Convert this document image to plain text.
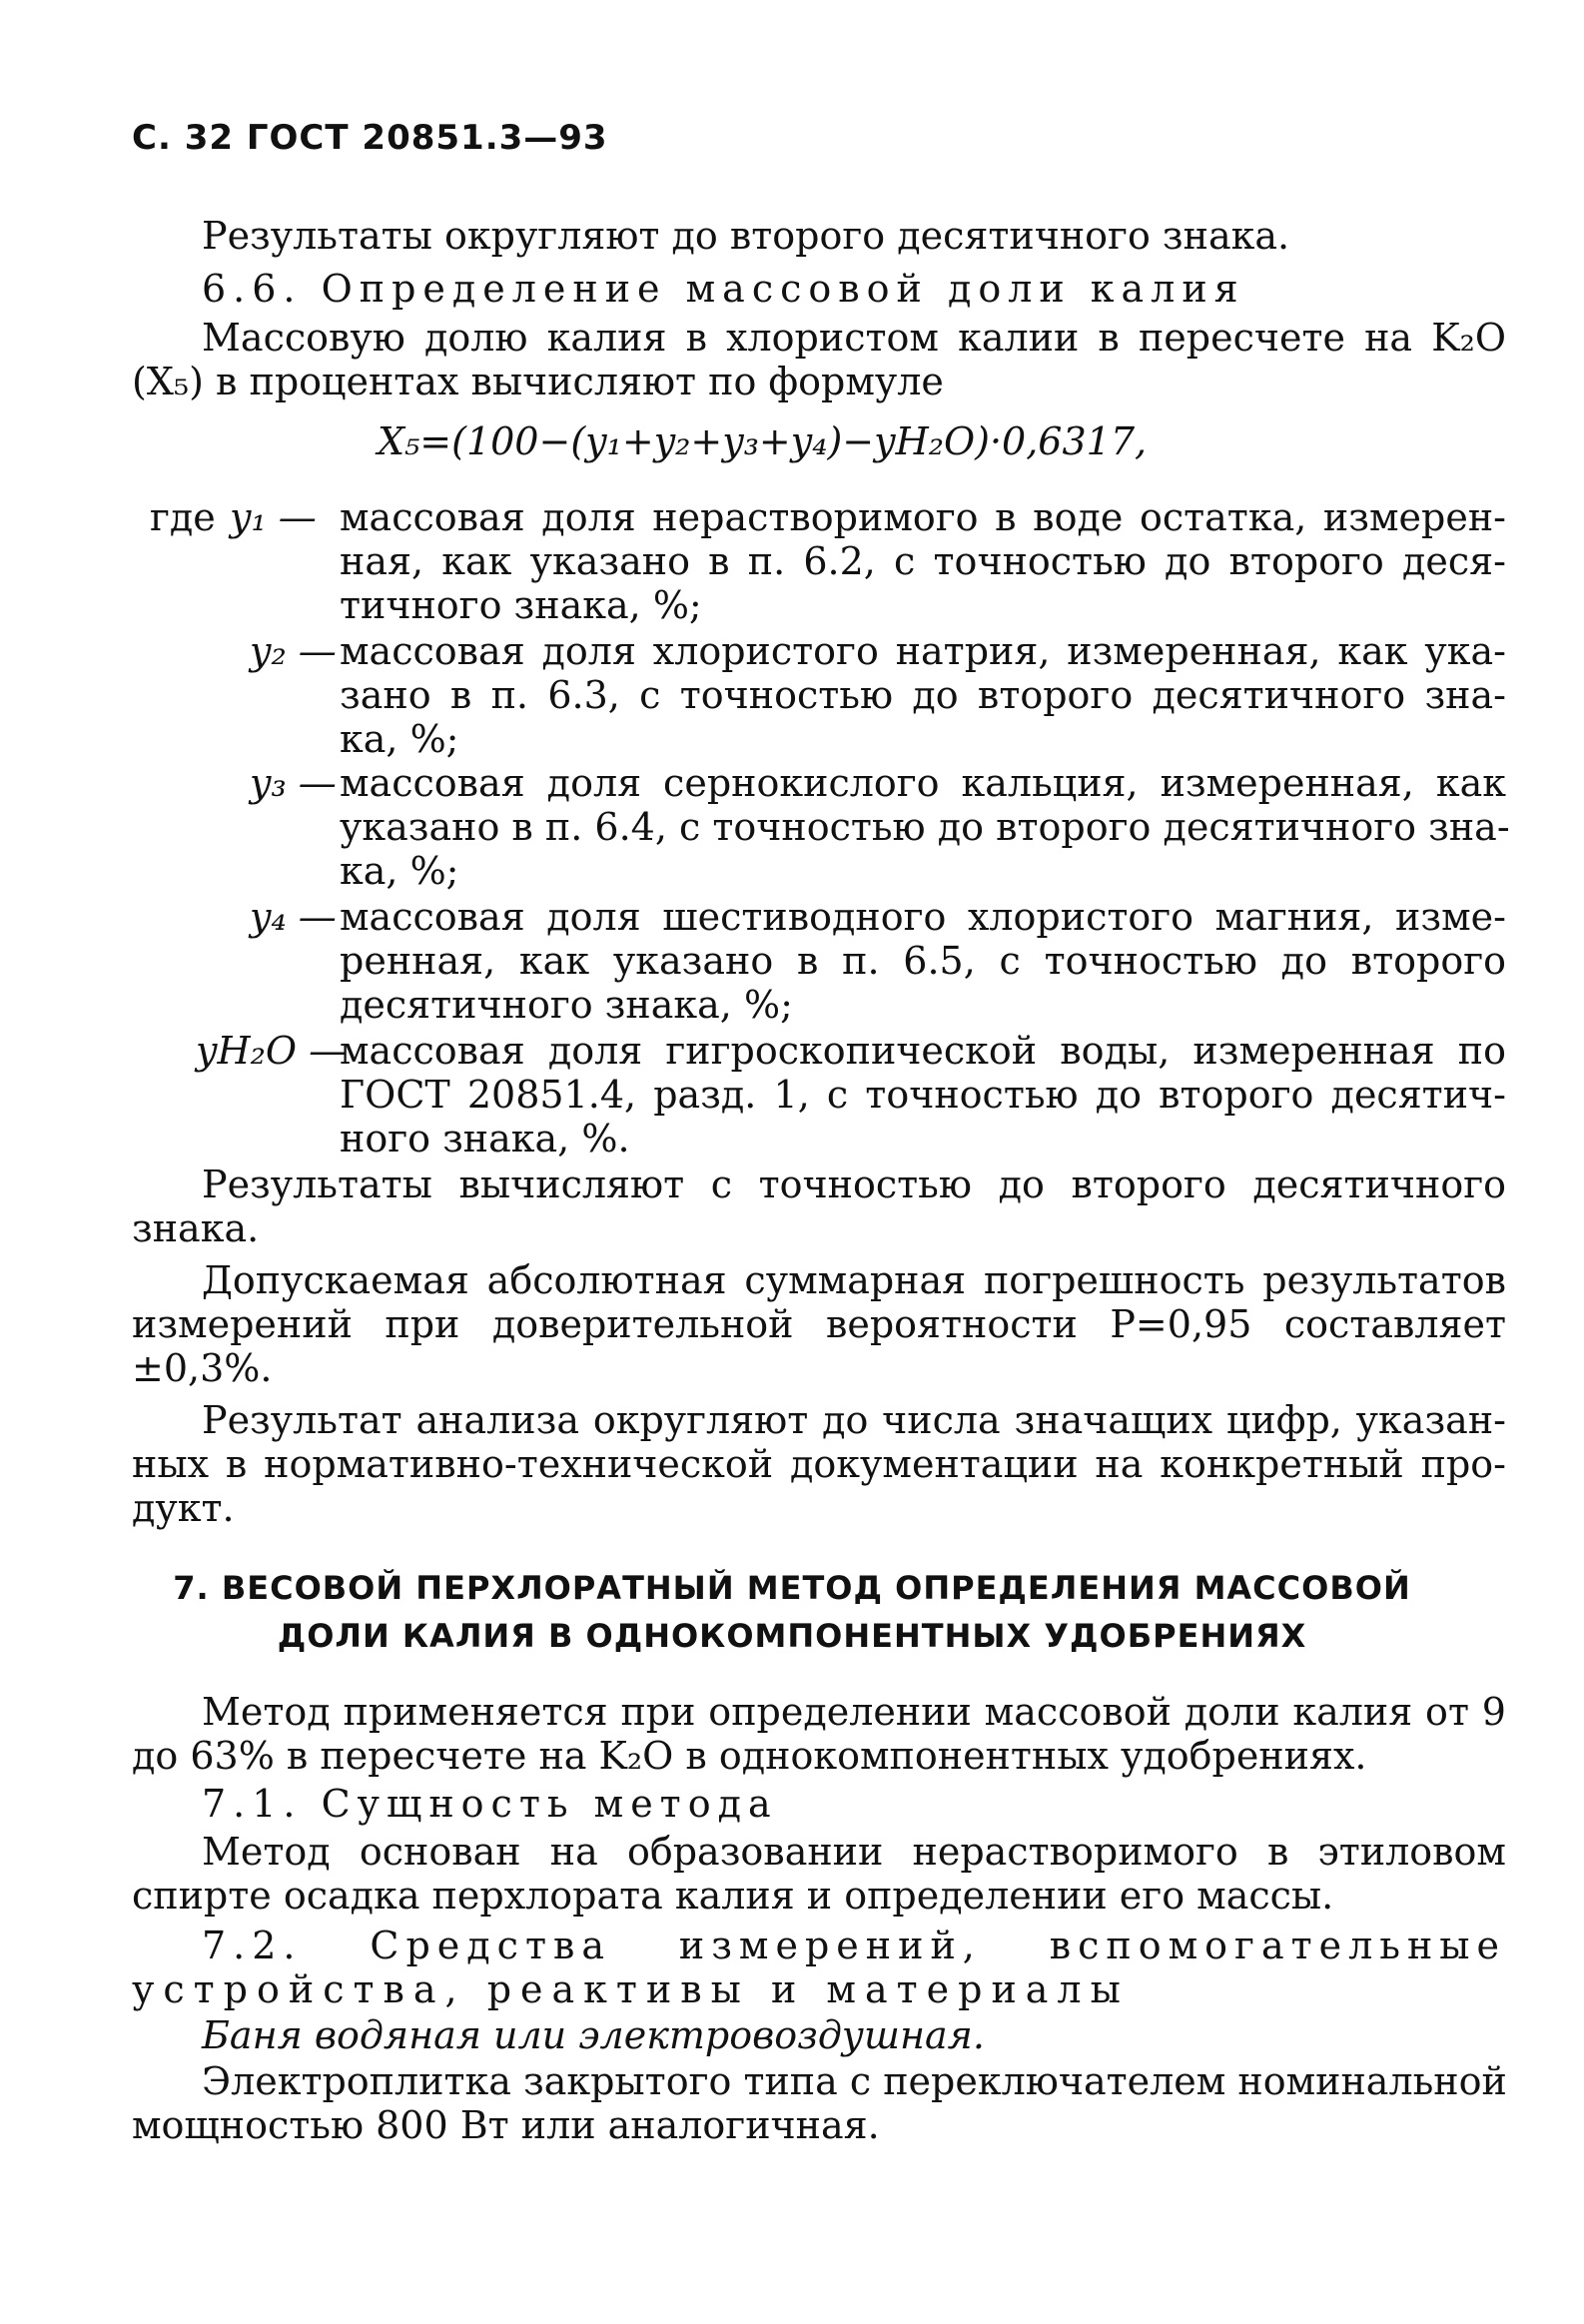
С. 32 ГОСТ 20851.3—93
Результаты округляют до второго десятичного знака.
6.6. Определение массовой доли калия
Массовую долю калия в хлористом калии в пересчете на K₂O
(X₅) в процентах вычисляют по формуле
X₅=(100−(y₁+y₂+y₃+y₄)−yH₂O)·0,6317,
где y₁ — массовая доля нерастворимого в воде остатка, измерен-
ная, как указано в п. 6.2, с точностью до второго деся-
тичного знака, %;
y₂ — массовая доля хлористого натрия, измеренная, как ука-
зано в п. 6.3, с точностью до второго десятичного зна-
ка, %;
y₃ — массовая доля сернокислого кальция, измеренная, как
указано в п. 6.4, с точностью до второго десятичного зна-
ка, %;
y₄ — массовая доля шестиводного хлористого магния, изме-
ренная, как указано в п. 6.5, с точностью до второго
десятичного знака, %;
yH₂O —
массовая доля гигроскопической воды, измеренная по
ГОСТ 20851.4, разд. 1, с точностью до второго десятич-
ного знака, %.
Результаты вычисляют с точностью до второго десятичного
знака.
Допускаемая абсолютная суммарная погрешность результатов
измерений при доверительной вероятности P=0,95 составляет
±0,3%.
Результат анализа округляют до числа значащих цифр, указан-
ных в нормативно-технической документации на конкретный про-
дукт.
7. ВЕСОВОЙ ПЕРХЛОРАТНЫЙ МЕТОД ОПРЕДЕЛЕНИЯ МАССОВОЙ
ДОЛИ КАЛИЯ В ОДНОКОМПОНЕНТНЫХ УДОБРЕНИЯХ
Метод применяется при определении массовой доли калия от 9
до 63% в пересчете на K₂O в однокомпонентных удобрениях.
7.1. Сущность метода
Метод основан на образовании нерастворимого в этиловом
спирте осадка перхлората калия и определении его массы.
7.2. Средства измерений, вспомогательные
устройства, реактивы и материалы
Баня водяная или электровоздушная.
Электроплитка закрытого типа с переключателем номинальной
мощностью 800 Вт или аналогичная.
